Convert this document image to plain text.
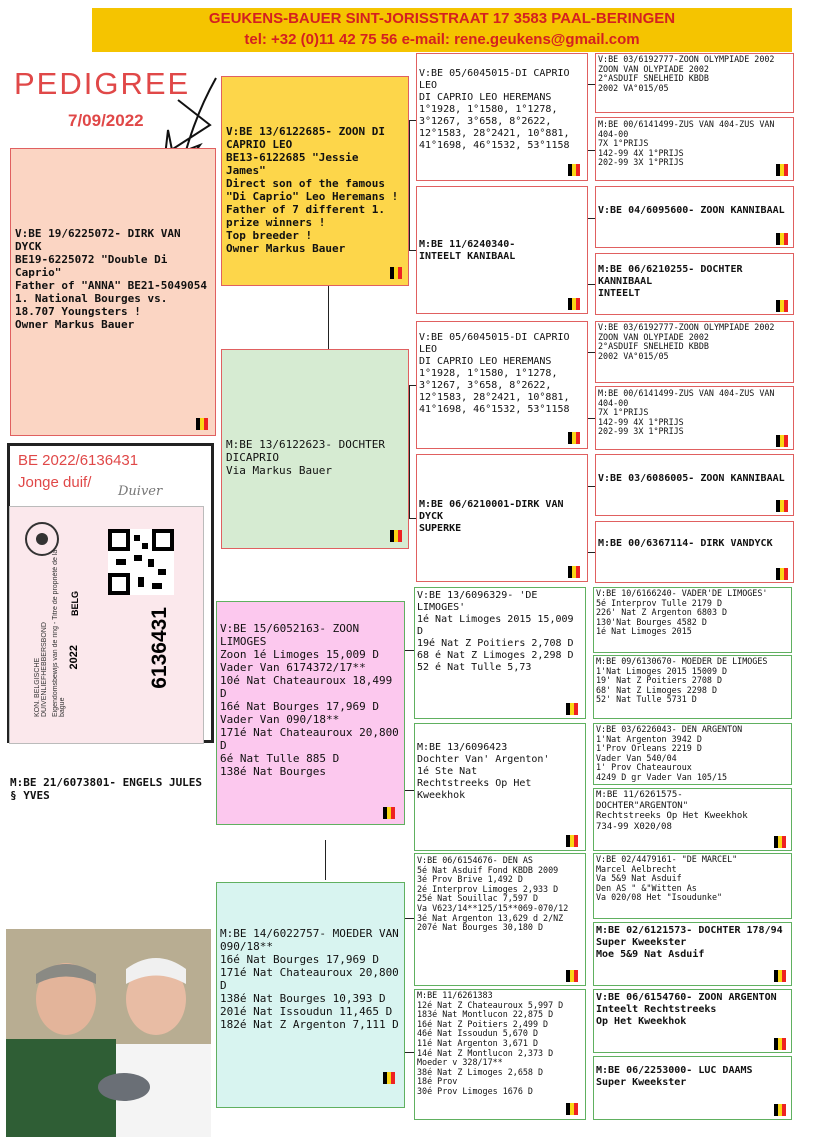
GEUKENS-BAUER SINT-JORISSTRAAT 17 3583 PAAL-BERINGEN
tel: +32 (0)11 42 75 56 e-mail: rene.geukens@gmail.com
PEDIGREE
7/09/2022
V:BE 19/6225072- DIRK VAN DYCK
BE19-6225072 "Double Di Caprio"
Father of "ANNA" BE21-5049054
1. National Bourges vs. 18.707 Youngsters !
Owner Markus Bauer
M:BE 21/6073801- ENGELS JULES § YVES
BE 2022/6136431
Jonge duif/
Duiver
KON. BELGISCHE DUIVENLIEFHEBBERSBOND Eigendomsbewijs van de ring - Titre de propriété de la bague
BELG
2022	6136431
V:BE 13/6122685- ZOON DI CAPRIO LEO
BE13-6122685 "Jessie James"
Direct son of the famous "Di Caprio" Leo Heremans !
Father of 7 different 1. prize winners !
Top breeder !
Owner Markus Bauer
M:BE 13/6122623- DOCHTER DICAPRIO
Via Markus Bauer
V:BE 15/6052163- ZOON LIMOGES
Zoon 1é Limoges 15,009 D
Vader Van 6174372/17**
10é Nat Chateauroux 18,499 D
16é Nat Bourges 17,969 D
Vader Van 090/18**
171é Nat Chateauroux 20,800 D
6é Nat Tulle 885 D
138é Nat Bourges
M:BE 14/6022757- MOEDER VAN 090/18**
16é Nat Bourges 17,969 D
171é Nat Chateauroux 20,800 D
138é Nat Bourges 10,393 D
201é Nat Issoudun 11,465 D
182é Nat Z Argenton 7,111 D
V:BE 05/6045015-DI CAPRIO LEO
DI CAPRIO LEO HEREMANS
1°1928, 1°1580, 1°1278, 3°1267, 3°658, 8°2622, 12°1583, 28°2421, 10°881, 41°1698, 46°1532, 53°1158
M:BE 11/6240340-
INTEELT KANIBAAL
V:BE 05/6045015-DI CAPRIO LEO
DI CAPRIO LEO HEREMANS
1°1928, 1°1580, 1°1278, 3°1267, 3°658, 8°2622, 12°1583, 28°2421, 10°881, 41°1698, 46°1532, 53°1158
M:BE 06/6210001-DIRK VAN DYCK
SUPERKE
V:BE 13/6096329- 'DE LIMOGES'
1é Nat Limoges 2015 15,009 D
19é Nat Z Poitiers 2,708 D
68 é Nat Z Limoges 2,298 D
52 é Nat Tulle 5,73
M:BE 13/6096423
Dochter Van' Argenton'
1é Ste Nat
Rechtstreeks Op Het Kweekhok
V:BE 06/6154676- DEN AS
5é Nat Asduif Fond KBDB 2009
3é Prov Brive 1,492 D
2é Interprov Limoges 2,933 D
25é Nat Souillac 7,597 D
Va V623/14**125/15**069-070/12
3é Nat Argenton 13,629 d 2/NZ
207é Nat Bourges 30,180 D
M:BE 11/6261383
12é Nat Z Chateauroux 5,997 D
183é Nat Montlucon 22,875 D
16é Nat Z Poitiers 2,499 D
46é Nat Issoudun 5,670 D
11é Nat Argenton 3,671 D
14é Nat Z Montlucon 2,373 D
Moeder v 328/17**
38é Nat Z Limoges 2,658 D
18é Prov
30é Prov Limoges 1676 D
V:BE 03/6192777-ZOON OLYMPIADE 2002
ZOON VAN OLYPIADE 2002
2°ASDUIF SNELHEID KBDB
2002 VA°015/05
M:BE 00/6141499-ZUS VAN 404-ZUS VAN 404-00
7X 1°PRIJS
142-99 4X 1°PRIJS
202-99 3X 1°PRIJS
V:BE 04/6095600- ZOON KANNIBAAL
M:BE 06/6210255- DOCHTER KANNIBAAL
INTEELT
V:BE 03/6192777-ZOON OLYMPIADE 2002
ZOON VAN OLYPIADE 2002
2°ASDUIF SNELHEID KBDB
2002 VA°015/05
M:BE 00/6141499-ZUS VAN 404-ZUS VAN 404-00
7X 1°PRIJS
142-99 4X 1°PRIJS
202-99 3X 1°PRIJS
V:BE 03/6086005- ZOON KANNIBAAL
M:BE 00/6367114- DIRK VANDYCK
V:BE 10/6166240- VADER'DE LIMOGES'
5é Interprov Tulle 2179 D
226' Nat Z Argenton 6803 D
130'Nat Bourges 4582 D
1é Nat Limoges 2015
M:BE 09/6130670- MOEDER DE LIMOGES
1'Nat Limoges 2015 15009 D
19' Nat Z Poitiers 2708 D
68' Nat Z Limoges 2298 D
52' Nat Tulle 5731 D
V:BE 03/6226043- DEN ARGENTON
1'Nat Argenton 3942 D
1'Prov Orleans 2219 D
Vader Van 540/04
1' Prov Chateauroux
4249 D gr Vader Van 105/15
M:BE 11/6261575-
DOCHTER"ARGENTON"
Rechtstreeks Op Het Kweekhok
734-99 X020/08
V:BE 02/4479161- "DE MARCEL"
Marcel Aelbrecht
Va 5&9 Nat Asduif
Den AS " &"Witten As
Va 020/08 Het "Isoudunke"
M:BE 02/6121573- DOCHTER 178/94
Super Kweekster
Moe 5&9 Nat Asduif
V:BE 06/6154760- ZOON ARGENTON
Inteelt Rechtstreeks
Op Het Kweekhok
M:BE 06/2253000- LUC DAAMS
Super Kweekster
